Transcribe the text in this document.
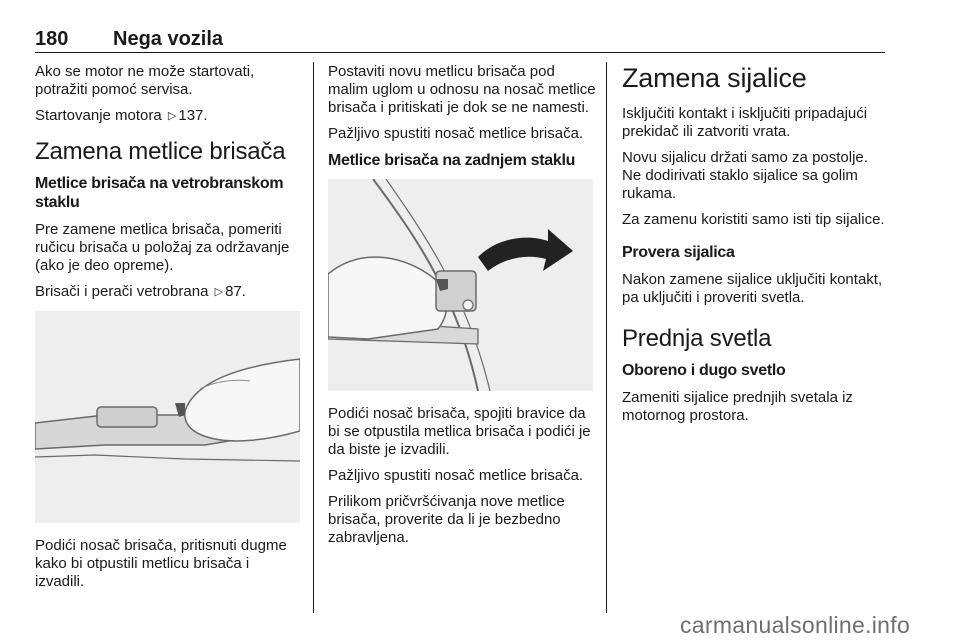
180 Nega vozila

Ako se motor ne može startovati, potražiti pomoć servisa.

Startovanje motora ▷ 137.

Zamena metlice brisača
Metlice brisača na vetrobranskom staklu

Pre zamene metlica brisača, pomeriti ručicu brisača u položaj za održavanje (ako je deo opreme).

Brisači i perači vetrobrana ▷ 87.

Podići nosač brisača, pritisnuti dugme kako bi otpustili metlicu brisača i izvadili.

Postaviti novu metlicu brisača pod malim uglom u odnosu na nosač metlice brisača i pritiskati je dok se ne namesti.

Pažljivo spustiti nosač metlice brisača.

Metlice brisača na zadnjem staklu

Podići nosač brisača, spojiti bravice da bi se otpustila metlica brisača i podići je da biste je izvadili.

Pažljivo spustiti nosač metlice brisača.

Prilikom pričvršćivanja nove metlice brisača, proverite da li je bezbedno zabravljena.

Zamena sijalice

Isključiti kontakt i isključiti pripadajući prekidač ili zatvoriti vrata.

Novu sijalicu držati samo za postolje. Ne dodirivati staklo sijalice sa golim rukama.

Za zamenu koristiti samo isti tip sijalice.

Provera sijalica

Nakon zamene sijalice uključiti kontakt, pa uključiti i proveriti svetla.

Prednja svetla
Oboreno i dugo svetlo

Zameniti sijalice prednjih svetala iz motornog prostora.

carmanualsonline.info
